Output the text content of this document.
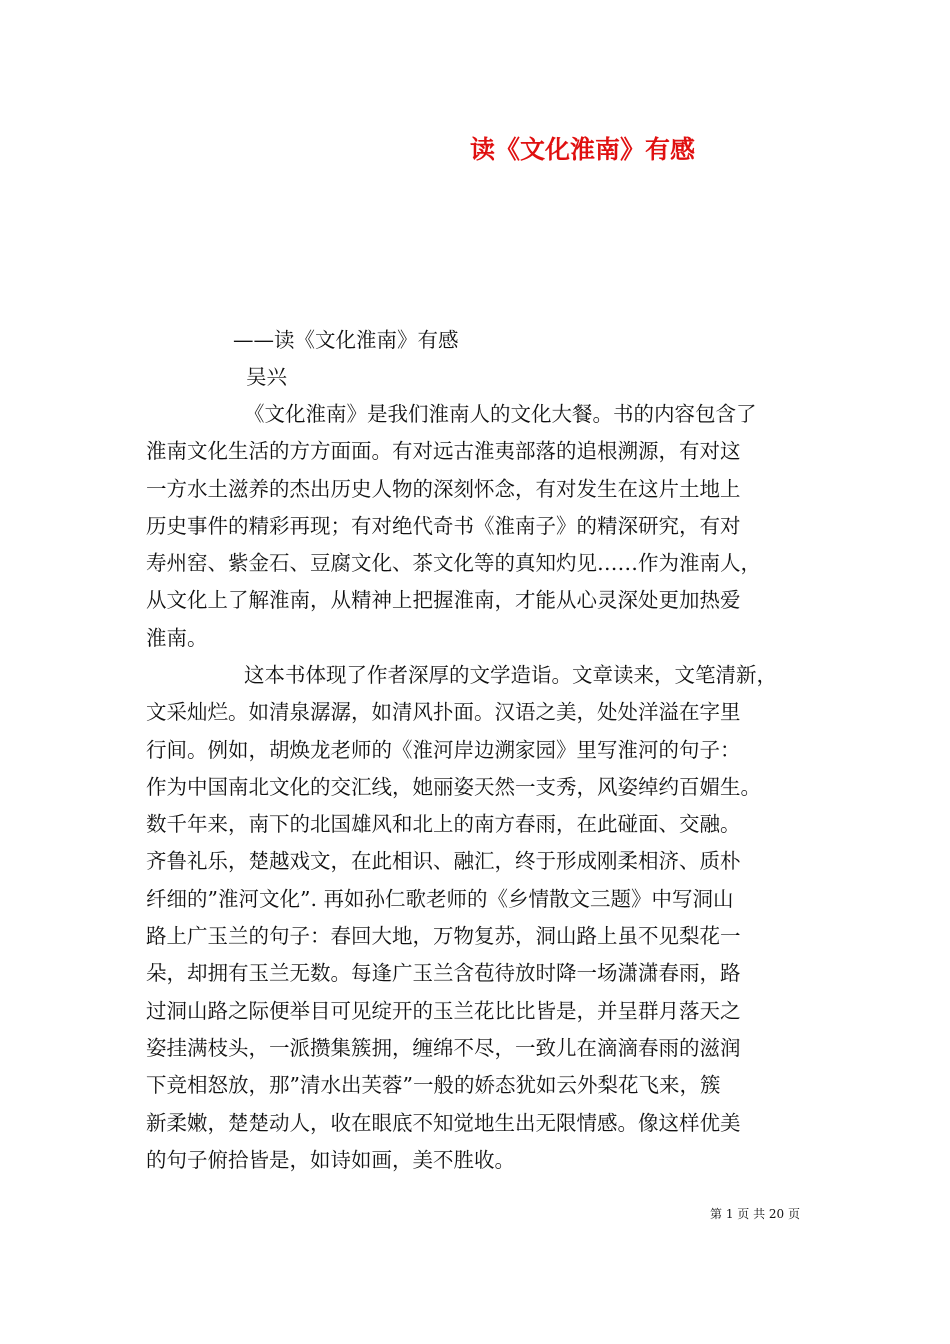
读《文化淮南》有感
——读《文化淮南》有感
吴兴
《文化淮南》是我们淮南人的文化大餐。书的内容包含了
淮南文化生活的方方面面。有对远古淮夷部落的追根溯源，有对这
一方水土滋养的杰出历史人物的深刻怀念，有对发生在这片土地上
历史事件的精彩再现；有对绝代奇书《淮南子》的精深研究，有对
寿州窑、紫金石、豆腐文化、茶文化等的真知灼见……作为淮南人，
从文化上了解淮南，从精神上把握淮南，才能从心灵深处更加热爱
淮南。
这本书体现了作者深厚的文学造诣。文章读来，文笔清新，
文采灿烂。如清泉潺潺，如清风扑面。汉语之美，处处洋溢在字里
行间。例如，胡焕龙老师的《淮河岸边溯家园》里写淮河的句子：
作为中国南北文化的交汇线，她丽姿天然一支秀，风姿绰约百媚生。
数千年来，南下的北国雄风和北上的南方春雨，在此碰面、交融。
齐鲁礼乐，楚越戏文，在此相识、融汇，终于形成刚柔相济、质朴
纤细的”淮河文化”. 再如孙仁歌老师的《乡情散文三题》中写洞山
路上广玉兰的句子：春回大地，万物复苏，洞山路上虽不见梨花一
朵，却拥有玉兰无数。每逢广玉兰含苞待放时降一场潇潇春雨，路
过洞山路之际便举目可见绽开的玉兰花比比皆是，并呈群月落天之
姿挂满枝头，一派攒集簇拥，缠绵不尽，一致儿在滴滴春雨的滋润
下竞相怒放，那”清水出芙蓉”一般的娇态犹如云外梨花飞来，簇
新柔嫩，楚楚动人，收在眼底不知觉地生出无限情感。像这样优美
的句子俯拾皆是，如诗如画，美不胜收。
第 1 页 共 20 页
